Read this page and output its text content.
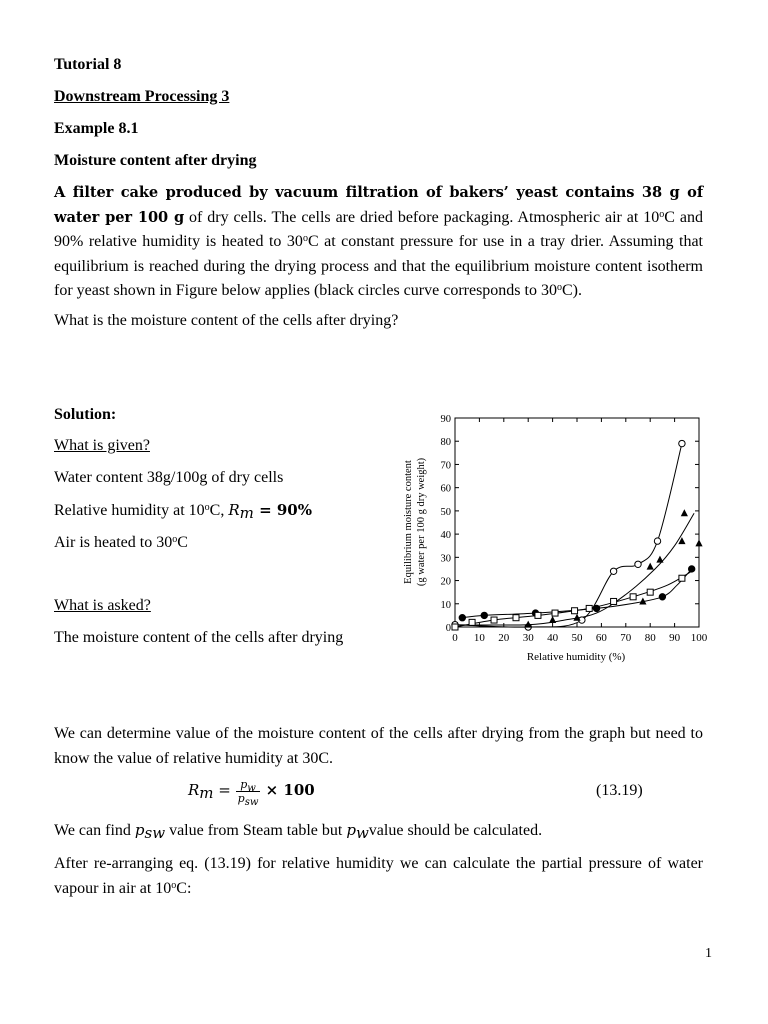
Tutorial 8
Downstream Processing 3
Example 8.1
Moisture content after drying
A filter cake produced by vacuum filtration of bakers’ yeast contains 38 g of water per 100 g of dry cells. The cells are dried before packaging. Atmospheric air at 10$^o$C and 90% relative humidity is heated to 30$^o$C at constant pressure for use in a tray drier. Assuming that equilibrium is reached during the drying process and that the equilibrium moisture content isotherm for yeast shown in Figure below applies (black circles curve corresponds to 30$^o$C).
What is the moisture content of the cells after drying?
Solution:
What is given?
Water content 38g/100g of dry cells
Relative humidity at 10$^o$C, $R_m = 90\%$
Air is heated to 30$^o$C
What is asked?
The moisture content of the cells after drying	0 10 20 30 40 50 60 70 80 90 100
0
10
20
30
40
50
60
70
80
90
Relative humidity (%)
Equilibrium moisture content (g water per 100 g dry weight)
We can determine value of the moisture content of the cells after drying from the graph but need to know the value of relative humidity at 30C.
$R_m = \frac{p_w}{p_{sw}} \times 100$	(13.19)
We can find $p_{sw}$ value from Steam table but $p_wvalue$ should be calculated.
After re-arranging eq. (13.19) for relative humidity we can calculate the partial pressure of water vapour in air at 10$^o$C:
1
